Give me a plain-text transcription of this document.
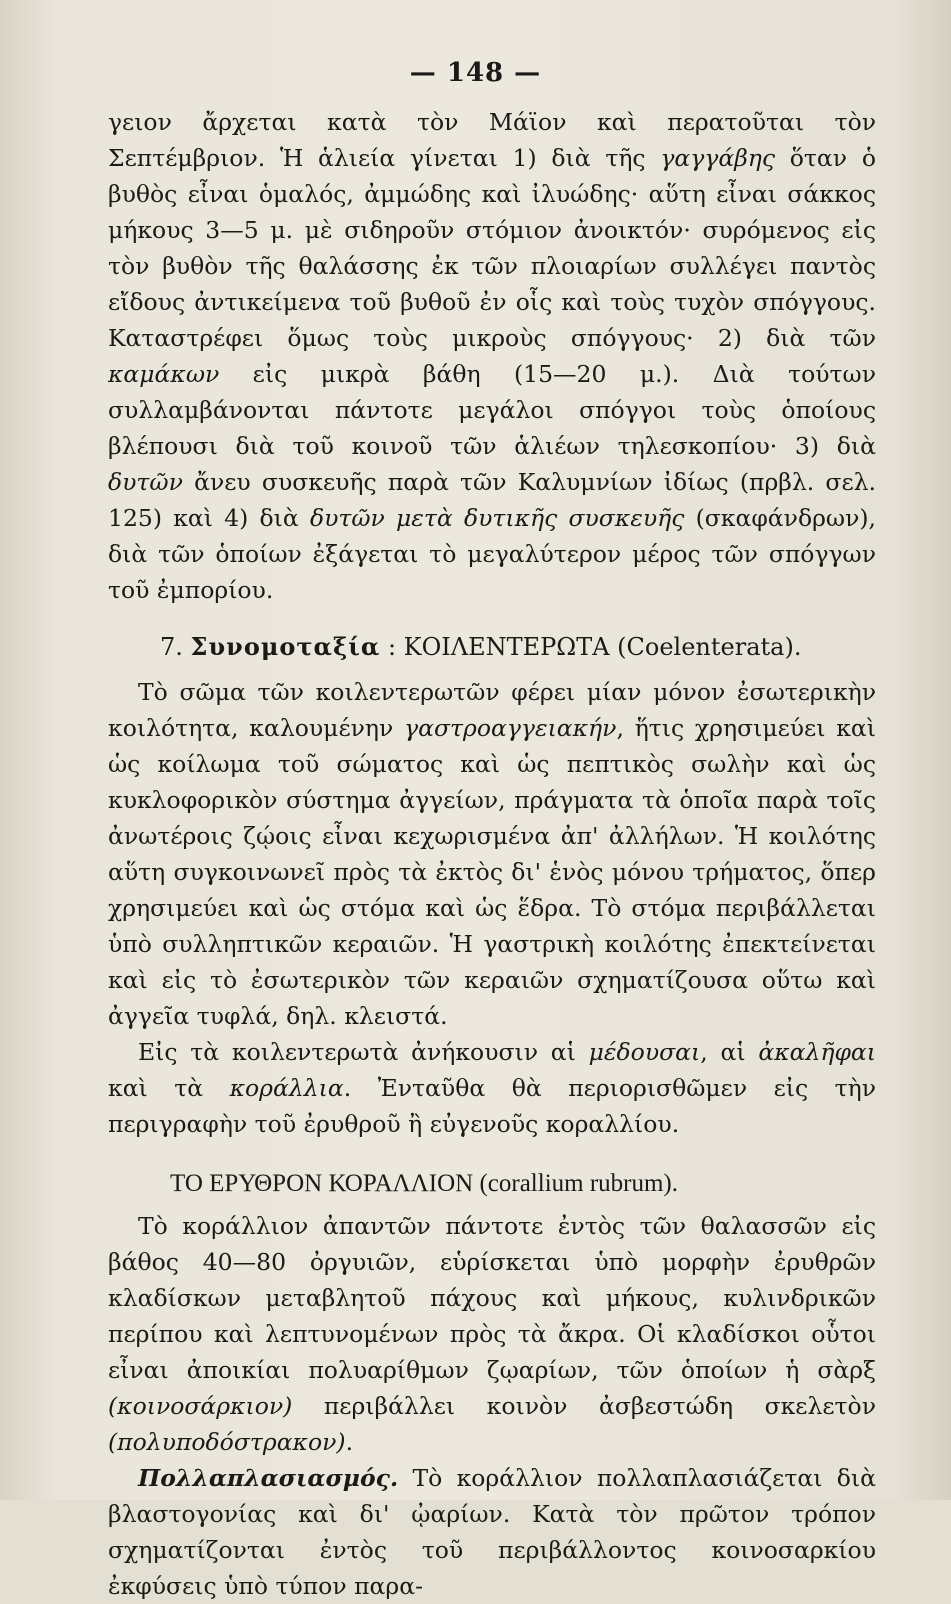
— 148 —

γειον ἄρχεται κατὰ τὸν Μάϊον καὶ περατοῦται τὸν Σεπτέμβριον. Ἡ ἁλιεία γίνεται 1) διὰ τῆς γαγγάβης ὅταν ὁ βυθὸς εἶναι ὁμαλός, ἀμμώδης καὶ ἰλυώδης· αὕτη εἶναι σάκκος μήκους 3—5 μ. μὲ σιδηροῦν στόμιον ἀνοικτόν· συρόμενος εἰς τὸν βυθὸν τῆς θαλάσσης ἐκ τῶν πλοιαρίων συλλέγει παντὸς εἴδους ἀντικείμενα τοῦ βυθοῦ ἐν οἷς καὶ τοὺς τυχὸν σπόγγους. Καταστρέφει ὅμως τοὺς μικροὺς σπόγγους· 2) διὰ τῶν καμάκων εἰς μικρὰ βάθη (15—20 μ.). Διὰ τούτων συλλαμβάνονται πάντοτε μεγάλοι σπόγγοι τοὺς ὁποίους βλέπουσι διὰ τοῦ κοινοῦ τῶν ἁλιέων τηλεσκοπίου· 3) διὰ δυτῶν ἄνευ συσκευῆς παρὰ τῶν Καλυμνίων ἰδίως (πρβλ. σελ. 125) καὶ 4) διὰ δυτῶν μετὰ δυτικῆς συσκευῆς (σκαφάνδρων), διὰ τῶν ὁποίων ἐξάγεται τὸ μεγαλύτερον μέρος τῶν σπόγγων τοῦ ἐμπορίου.

7. Συνομοταξία : ΚΟΙΛΕΝΤΕΡΩΤΑ (Coelenterata).

Τὸ σῶμα τῶν κοιλεντερωτῶν φέρει μίαν μόνον ἐσωτερικὴν κοιλότητα, καλουμένην γαστροαγγειακήν, ἥτις χρησιμεύει καὶ ὡς κοίλωμα τοῦ σώματος καὶ ὡς πεπτικὸς σωλὴν καὶ ὡς κυκλοφορικὸν σύστημα ἀγγείων, πράγματα τὰ ὁποῖα παρὰ τοῖς ἀνωτέροις ζῴοις εἶναι κεχωρισμένα ἀπ' ἀλλήλων. Ἡ κοιλότης αὕτη συγκοινωνεῖ πρὸς τὰ ἐκτὸς δι' ἑνὸς μόνου τρήματος, ὅπερ χρησιμεύει καὶ ὡς στόμα καὶ ὡς ἕδρα. Τὸ στόμα περιβάλλεται ὑπὸ συλληπτικῶν κεραιῶν. Ἡ γαστρικὴ κοιλότης ἐπεκτείνεται καὶ εἰς τὸ ἐσωτερικὸν τῶν κεραιῶν σχηματίζουσα οὕτω καὶ ἀγγεῖα τυφλά, δηλ. κλειστά.

Εἰς τὰ κοιλεντερωτὰ ἀνήκουσιν αἱ μέδουσαι, αἱ ἀκαλῆφαι καὶ τὰ κοράλλια. Ἐνταῦθα θὰ περιορισθῶμεν εἰς τὴν περιγραφὴν τοῦ ἐρυθροῦ ἢ εὐγενοῦς κοραλλίου.

ΤΟ ΕΡΥΘΡΟΝ ΚΟΡΑΛΛΙΟΝ (corallium rubrum).

Τὸ κοράλλιον ἀπαντῶν πάντοτε ἐντὸς τῶν θαλασσῶν εἰς βάθος 40—80 ὀργυιῶν, εὑρίσκεται ὑπὸ μορφὴν ἐρυθρῶν κλαδίσκων μεταβλητοῦ πάχους καὶ μήκους, κυλινδρικῶν περίπου καὶ λεπτυνομένων πρὸς τὰ ἄκρα. Οἱ κλαδίσκοι οὗτοι εἶναι ἀποικίαι πολυαρίθμων ζῳαρίων, τῶν ὁποίων ἡ σὰρξ (κοινοσάρκιον) περιβάλλει κοινὸν ἀσβεστώδη σκελετὸν (πολυποδόστρακον).

Πολλαπλασιασμός. Τὸ κοράλλιον πολλαπλασιάζεται διὰ βλαστογονίας καὶ δι' ᾠαρίων. Κατὰ τὸν πρῶτον τρόπον σχηματίζονται ἐντὸς τοῦ περιβάλλοντος κοινοσαρκίου ἐκφύσεις ὑπὸ τύπον παρα-
